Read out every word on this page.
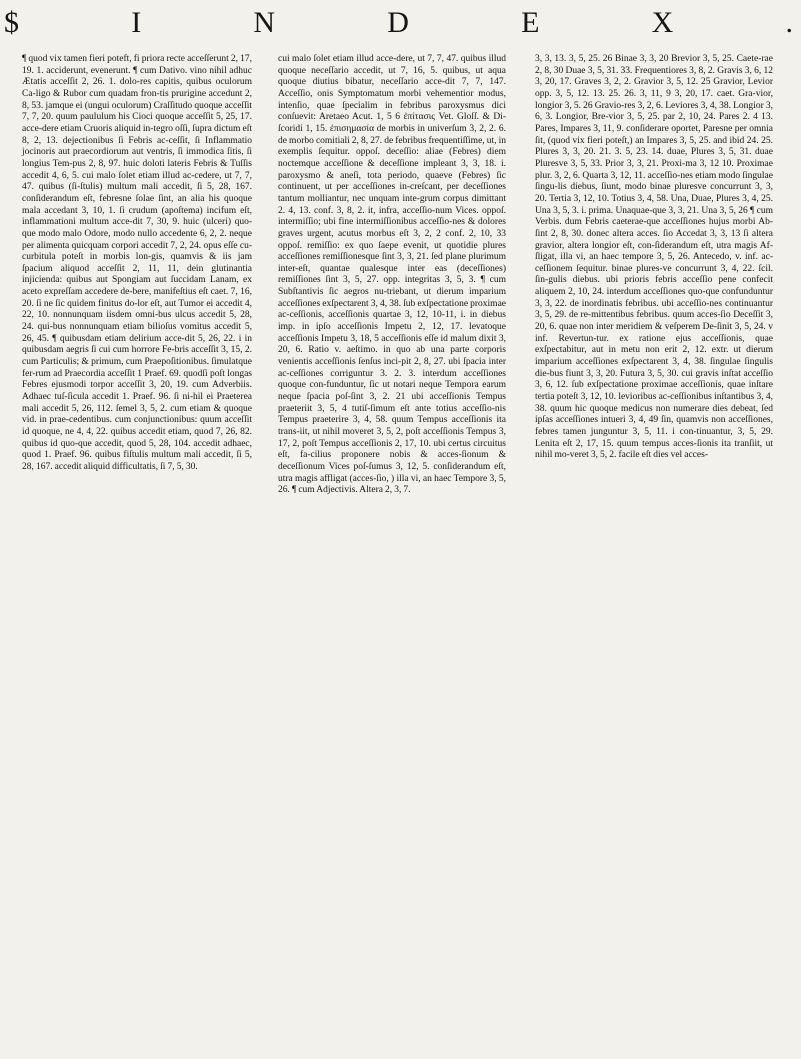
$	I	N	D	E	X	.
¶ quod vix tamen fieri poteft, fi priora recte acceſſerunt 2, 17, 19. 1. acciderunt, evenerunt. ¶ cum Dativo. vino nihil adhuc Ætatis acceſſit 2, 26. 1. dolo-res capitis, quibus oculorum Ca-ligo & Rubor cum quadam fron-tis prurigine accedunt 2, 8, 53. jamque ei (ungui oculorum) Craſſitudo quoque acceſſit 7, 7, 20. quum paululum his Cioci quoque acceſſit 5, 25, 17. acce-dere etiam Cruoris aliquid in-tegro oſſi, ſupra dictum eſt 8, 2, 13. dejectionibus ſi Febris ac-ceſſit, ſi Inflammatio jocinoris aut praecordiorum aut ventris, ſi immodica ſitis, ſi longius Tem-pus 2, 8, 97. huic doloti lateris Febris & Tuſſis accedit 4, 6, 5. cui malo ſolet etiam illud ac-cedere, ut 7, 7, 47. quibus (ſi-ſtulis) multum mali accedit, ſi 5, 28, 167. conſiderandum eſt, febresne ſolae ſint, an alia his quoque mala accedant 3, 10, 1. ſi crudum (apoſtema) incifum eſt, inflammationi multum acce-dit 7, 30, 9. huic (ulceri) quo-que modo malo Odore, modo nullo accedente 6, 2, 2. neque per alimenta quicquam corpori accedit 7, 2, 24. opus eſſe cu-curbitula poteſt in morbis lon-gis, quamvis & iis jam ſpacium aliquod acceſſit 2, 11, 11, dein glutinantia injicienda: quibus aut Spongiam aut ſuccidam Lanam, ex aceto expreſſam accedere de-bere, manifeſtius eſt caet. 7, 16, 20. ſi ne ſic quidem finitus do-lor eſt, aut Tumor ei accedit 4, 22, 10. nonnunquam iisdem omni-bus ulcus accedit 5, 28, 24. qui-bus nonnunquam etiam bilioſus vomitus accedit 5, 26, 45. ¶ quibusdam etiam delirium acce-dit 5, 26, 22. i in quibusdam aegris ſi cui cum horrore Fe-bris acceſſit 3, 15, 2. cum Particulis; & primum, cum Praepoſitionibus. ſimulatque fer-rum ad Praecordia acceſſit 1 Praef. 69. quodſi poſt longas Febres ejusmodi torpor acceſſit 3, 20, 19. cum Adverbiis. Adhaec tuſ-ſicula accedit 1. Praef. 96. ſi ni-hil ei Praeterea mali accedit 5, 26, 112. ſemel 3, 5, 2. cum etiam & quoque vid. in prae-cedentibus. cum conjunctionibus: quum acceſſit id quoque, ne 4, 4, 22. quibus accedit etiam, quod 7, 26, 82. quibus id quo-que accedit, quod 5, 28, 104. accedit adhaec, quod 1. Praef. 96. quibus fiſtulis multum mali accedit, ſi 5, 28, 167. accedit aliquid difficultatis, ſi 7, 5, 30.
cui malo ſolet etiam illud acce-dere, ut 7, 7, 47. quibus illud quoque neceſſario accedit, ut 7, 16, 5. quibus, ut aqua quoque diutius bibatur, neceſſario acce-dit 7, 7, 147. Acceſſio, onis Symptomatum morbi vehementior modus, intenſio, quae ſpecialim in febribus paroxysmus dici conſuevit: Aretaeo Acut. 1, 5 6 ἐπίτασις Vet. Gloſſ. & Di-ſcoridi 1, 15. ἐπισημασία de morbis in univerſum 3, 2, 2. 6. de morbo comitiali 2, 8, 27. de febribus frequentiſſime, ut, in exemplis ſequitur. oppoſ. deceſſio: aliae (Febres) diem noctemque acceſſione & deceſſione impleant 3, 3, 18. i. paroxysmo & aneſi, tota periodo, quaeve (Febres) ſic continuent, ut per acceſſiones in-creſcant, per deceſſiones tantum molliantur, nec unquam inte-grum corpus dimittant 2. 4, 13. conf. 3, 8, 2. it, infra, acceſſio-num Vices. oppoſ. intermiſſio; ubi fine intermiſſionibus acceſſio-nes & dolores graves urgent, acutus morbus eſt 3, 2, 2 conf. 2, 10, 33 oppoſ. remiſſio: ex quo ſaepe evenit, ut quotidie plures acceſſiones remiſſionesque ſint 3, 3, 21. ſed plane plurimum inter-eſt, quantae qualesque inter eas (deceſſiones) remiſſiones ſint 3, 5, 27. opp. integritas 3, 5, 3. ¶ cum Subſtantivis ſic aegros nu-triebant, ut dierum imparium acceſſiones exſpectarent 3, 4, 38. ſub exſpectatione proximae ac-ceſſionis, acceſſionis quartae 3, 12, 10-11, i. in diebus imp. in ipſo acceſſionis Impetu 2, 12, 17. levatoque acceſſionis Impetu 3, 18, 5 acceſſionis eſſe id malum dixit 3, 20, 6. Ratio v. aeſtimo. in quo ab una parte corporis venientis acceſſionis ſenſus inci-pit 2, 8, 27. ubi ſpacia inter ac-ceſſiones corriguntur 3. 2. 3. interdum acceſſiones quoque con-funduntur, ſic ut notari neque Tempora earum neque ſpacia poſ-ſint 3, 2. 21 ubi acceſſionis Tempus praeteriit 3, 5, 4 tutiſ-ſimum eſt ante totius acceſſio-nis Tempus praeterire 3, 4, 58. quum Tempus acceſſionis ita trans-iit, ut nihil moveret 3, 5, 2, poſt acceſſionis Tempus 3, 17, 2, poſt Tempus acceſſionis 2, 17, 10. ubi certus circuitus eſt, fa-cilius proponere nobis & acces-ſionum & deceſſionum Vices poſ-ſumus 3, 12, 5. conſiderandum eſt, utra magis affligat (acces-ſio, ) illa vi, an haec Tempore 3, 5, 26. ¶ cum Adjectivis. Altera 2, 3, 7.
3, 3, 13. 3, 5, 25. 26 Binae 3, 3, 20 Brevior 3, 5, 25. Caete-rae 2, 8, 30 Duae 3, 5, 31. 33. Frequentiores 3, 8, 2. Gravis 3, 6, 12 3, 20, 17. Graves 3, 2, 2. Gravior 3, 5, 12. 25 Gravior, Levior opp. 3, 5, 12. 13. 25. 26. 3, 11, 9 3, 20, 17. caet. Gra-vior, longior 3, 5. 26 Gravio-res 3, 2, 6. Leviores 3, 4, 38. Longior 3, 6, 3. Longior, Bre-vior 3, 5, 25. par 2, 10, 24. Pares 2. 4 13. Pares, Impares 3, 11, 9. conſiderare oportet, Paresne per omnia ſit, (quod vix fieri poteſt,) an Impares 3, 5, 25. and ibid 24. 25. Plures 3, 3, 20. 21. 3. 5, 23. 14. duae, Plures 3, 5, 31. duae Pluresve 3, 5, 33. Prior 3, 3, 21. Proxi-ma 3, 12 10. Proximae plur. 3, 2, 6. Quarta 3, 12, 11. acceſſio-nes etiam modo ſingulae ſingu-lis diebus, ſiunt, modo binae pluresve concurrunt 3, 3, 20. Tertia 3, 12, 10. Totius 3, 4, 58. Una, Duae, Plures 3, 4, 25. Una 3, 5, 3. i. prima. Unaquae-que 3, 3, 21. Una 3, 5, 26 ¶ cum Verbis. dum Febris caeterae-que acceſſiones hujus morbi Ab-ſint 2, 8, 30. donec altera acces. ſio Accedat 3, 3, 13 ſi altera gravior, altera longior eſt, con-ſiderandum eſt, utra magis Af-ſligat, illa vi, an haec tempore 3, 5, 26. Antecedo, v. inf. ac-ceſſionem ſequitur. binae plures-ve concurrunt 3, 4, 22. ſcil. ſin-gulis diebus. ubi prioris febris acceſſio pene confecit aliquem 2, 10, 24. interdum acceſſiones quo-que confunduntur 3, 3, 22. de inordinatis febribus. ubi acceſſio-nes continuantur 3, 5, 29. de re-mittentibus febribus. quum acces-ſio Deceſſit 3, 20, 6. quae non inter meridiem & veſperem De-ſinit 3, 5, 24. v inf. Revertun-tur. ex ratione ejus acceſſionis, quae exſpectabitur, aut in metu non erit 2, 12. extr. ut dierum imparium acceſſiones exſpectarent 3, 4, 38. ſingulae ſingulis die-bus fiunt 3, 3, 20. Futura 3, 5, 30. cui gravis inſtat acceſſio 3, 6, 12. ſub exſpectatione proximae acceſſionis, quae inſtare tertia poteſt 3, 12, 10. levioribus ac-ceſſionibus inſtantibus 3, 4, 38. quum hic quoque medicus non numerare dies debeat, ſed ipſas acceſſiones intueri 3, 4, 49 ſin, quamvis non acceſſiones, febres tamen junguntur 3, 5, 11. i con-tinuantur, 3, 5, 29. Lenita eſt 2, 17, 15. quum tempus acces-ſionis ita tranſiit, ut nihil mo-veret 3, 5, 2. facile eſt dies vel acces-
